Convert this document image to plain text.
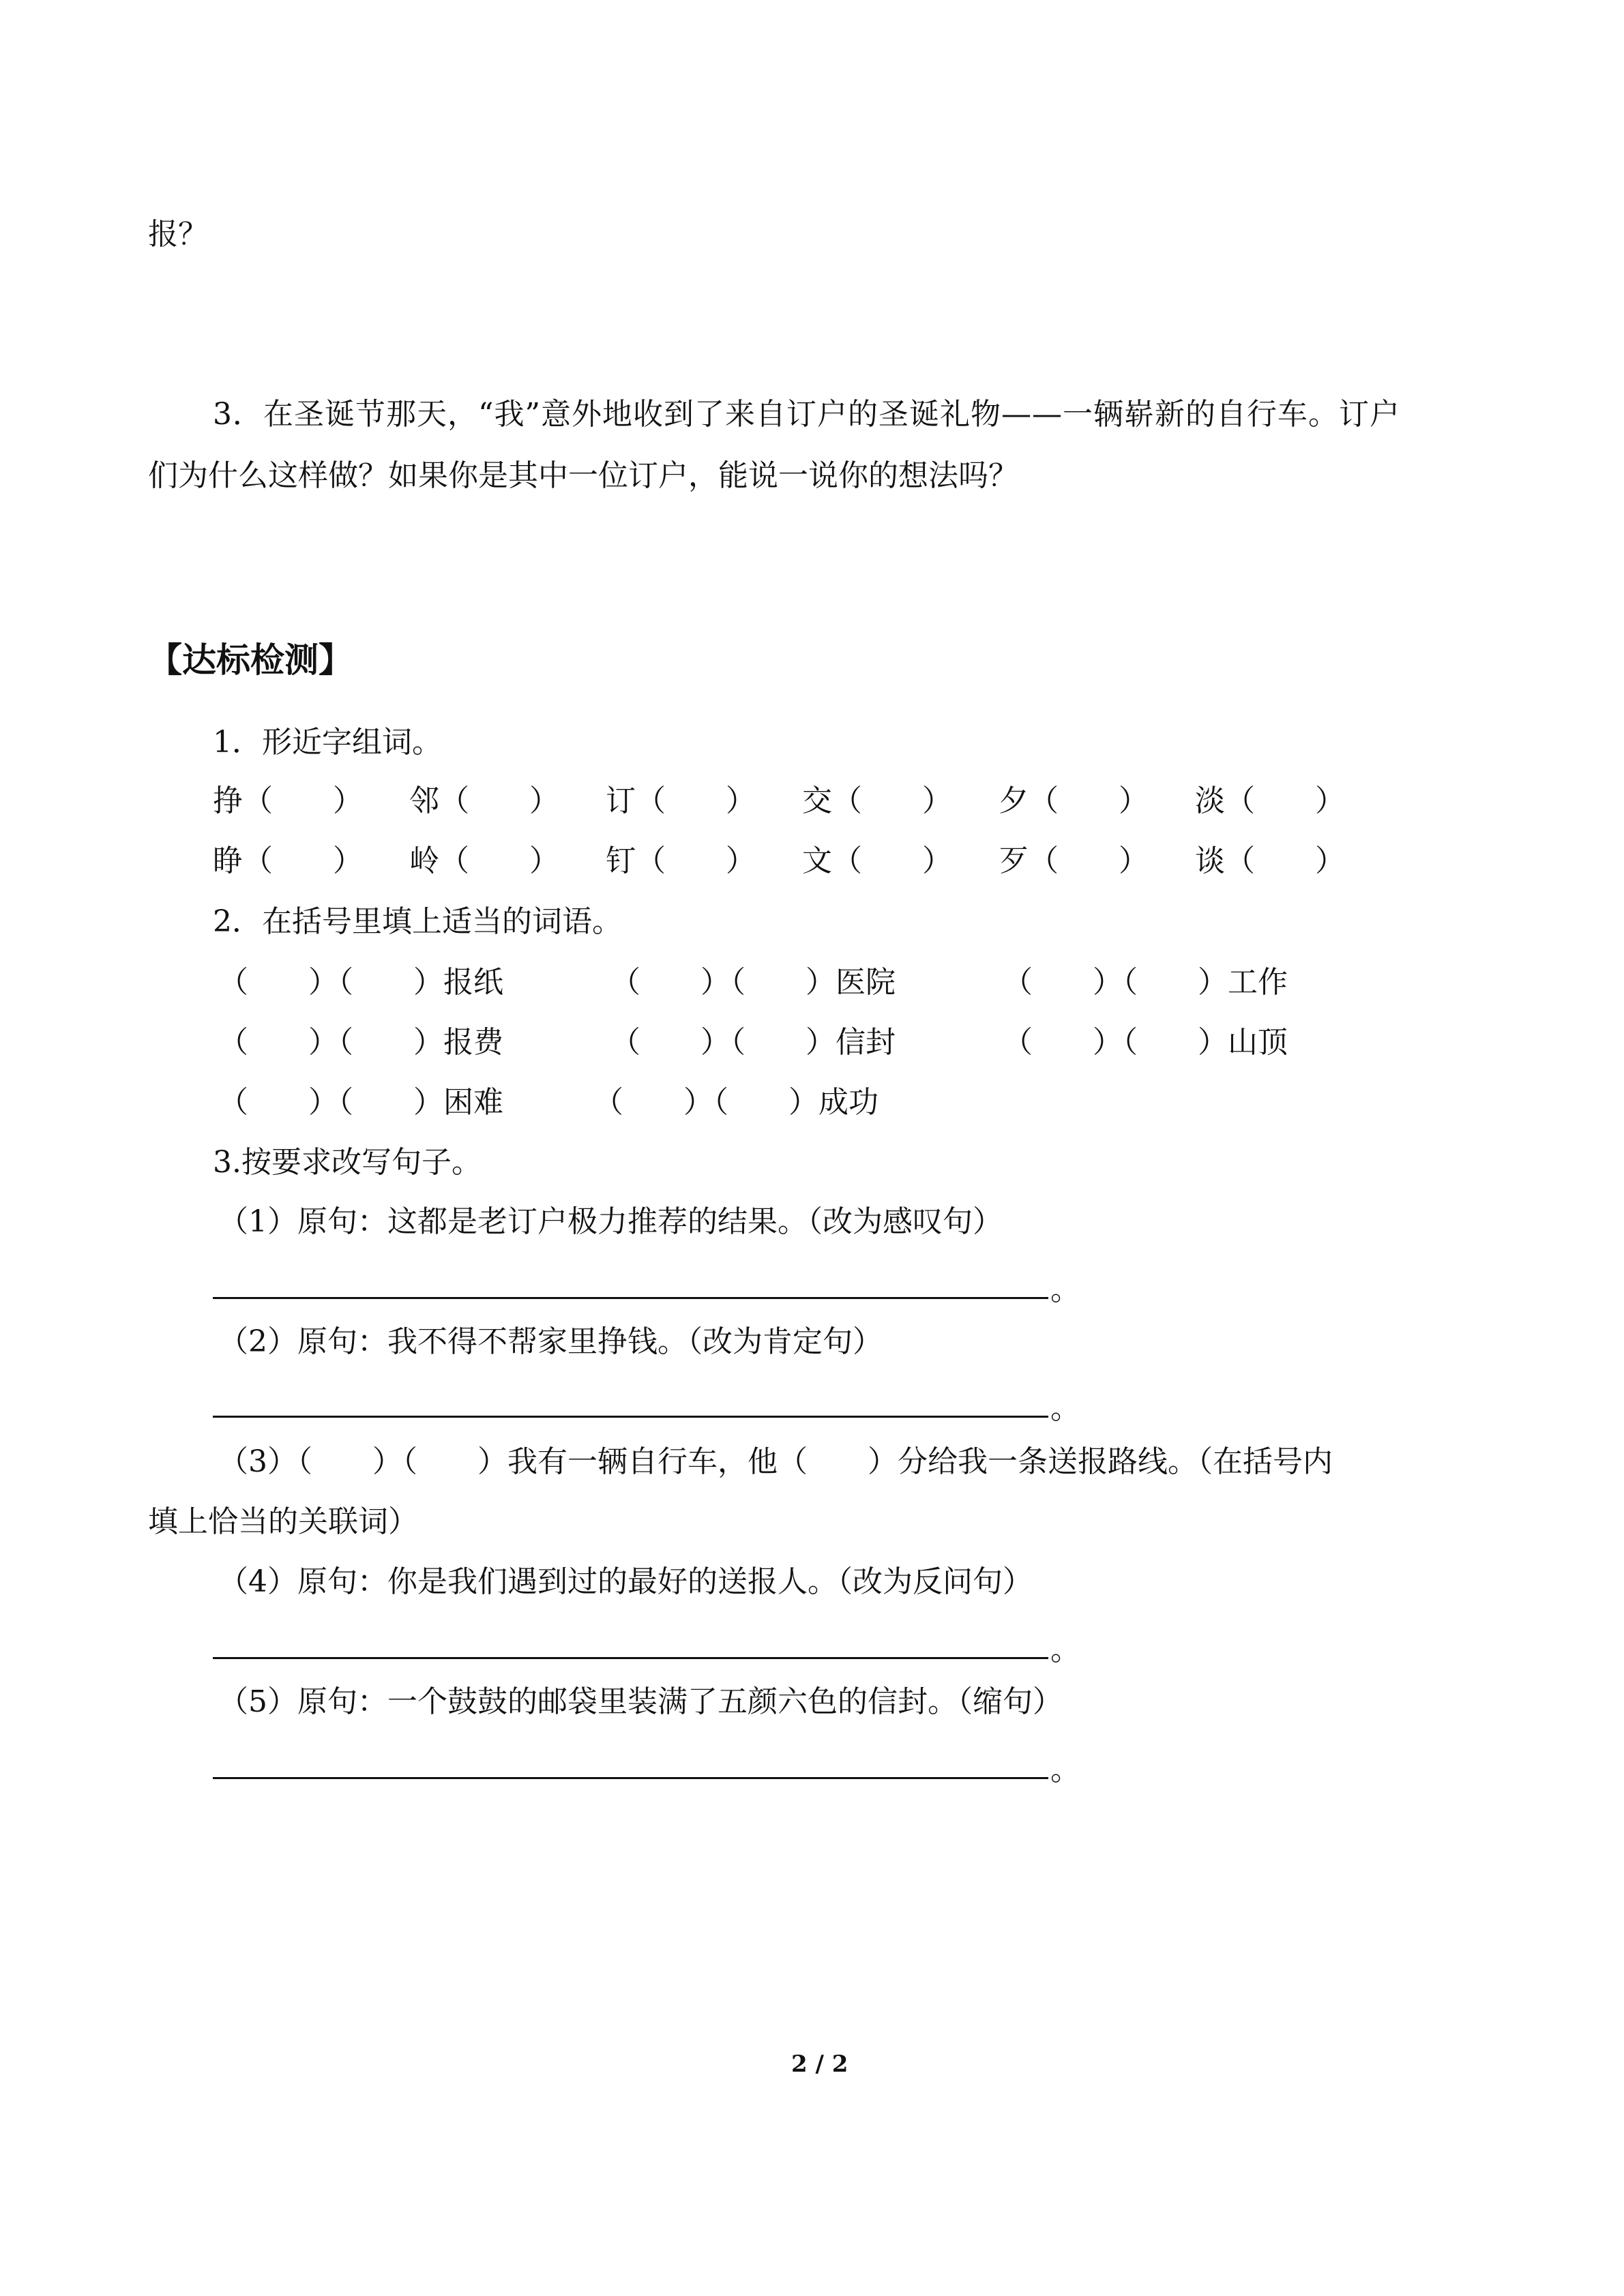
报？
3．在圣诞节那天，“我”意外地收到了来自订户的圣诞礼物——一辆崭新的自行车。订户
们为什么这样做？如果你是其中一位订户，能说一说你的想法吗？
【达标检测】
1．形近字组词。
挣（　　） 邻（　　） 订（　　） 交（　　） 夕（　　） 淡（　　）
睁（　　） 岭（　　） 钉（　　） 文（　　） 歹（　　） 谈（　　）
2．在括号里填上适当的词语。
（　　）（　　）报纸	（　　）（　　）医院	（　　）（　　）工作
（　　）（　　）报费	（　　）（　　）信封	（　　）（　　）山顶
（　　）（　　）困难	（　　）（　　）成功
3.按要求改写句子。
（1）原句：这都是老订户极力推荐的结果。（改为感叹句）
。
（2）原句：我不得不帮家里挣钱。（改为肯定句）
。
（3）（　　）（　　）我有一辆自行车，他（　　）分给我一条送报路线。（在括号内
填上恰当的关联词）
（4）原句：你是我们遇到过的最好的送报人。（改为反问句）
。
（5）原句：一个鼓鼓的邮袋里装满了五颜六色的信封。（缩句）
。
2 / 2
